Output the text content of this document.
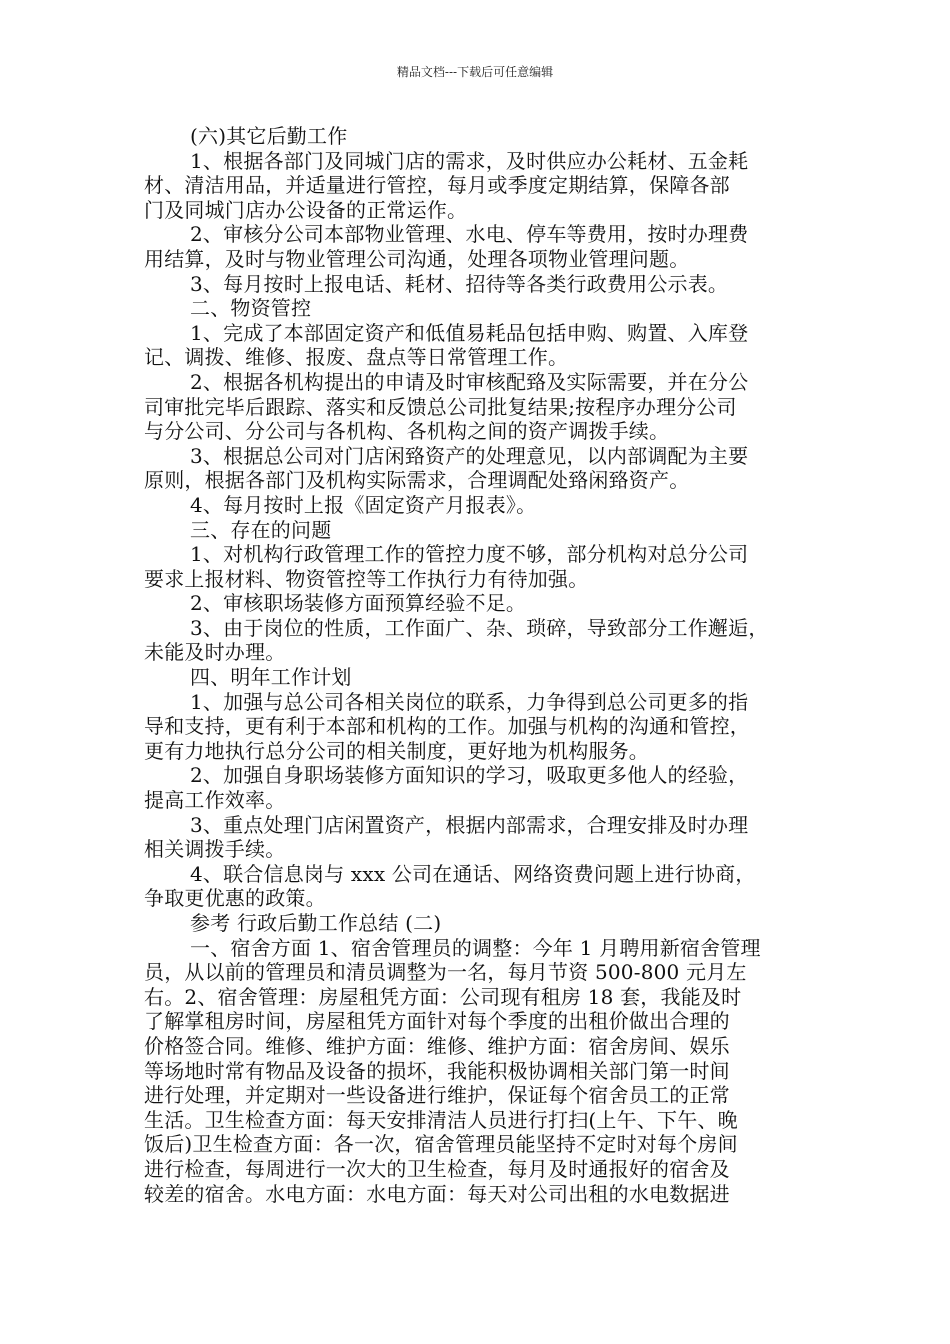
精品文档---下载后可任意编辑
(六)其它后勤工作
1、根据各部门及同城门店的需求，及时供应办公耗材、五金耗
材、清洁用品，并适量进行管控，每月或季度定期结算，保障各部
门及同城门店办公设备的正常运作。
2、审核分公司本部物业管理、水电、停车等费用，按时办理费
用结算，及时与物业管理公司沟通，处理各项物业管理问题。
3、每月按时上报电话、耗材、招待等各类行政费用公示表。
二、物资管控
1、完成了本部固定资产和低值易耗品包括申购、购置、入库登
记、调拨、维修、报废、盘点等日常管理工作。
2、根据各机构提出的申请及时审核配臵及实际需要，并在分公
司审批完毕后跟踪、落实和反馈总公司批复结果;按程序办理分公司
与分公司、分公司与各机构、各机构之间的资产调拨手续。
3、根据总公司对门店闲臵资产的处理意见，以内部调配为主要
原则，根据各部门及机构实际需求，合理调配处臵闲臵资产。
4、每月按时上报《固定资产月报表》。
三、存在的问题
1、对机构行政管理工作的管控力度不够，部分机构对总分公司
要求上报材料、物资管控等工作执行力有待加强。
2、审核职场装修方面预算经验不足。
3、由于岗位的性质，工作面广、杂、琐碎，导致部分工作邂逅，
未能及时办理。
四、明年工作计划
1、加强与总公司各相关岗位的联系，力争得到总公司更多的指
导和支持，更有利于本部和机构的工作。加强与机构的沟通和管控，
更有力地执行总分公司的相关制度，更好地为机构服务。
2、加强自身职场装修方面知识的学习，吸取更多他人的经验，
提高工作效率。
3、重点处理门店闲置资产，根据内部需求，合理安排及时办理
相关调拨手续。
4、联合信息岗与 xxx 公司在通话、网络资费问题上进行协商，
争取更优惠的政策。
参考 行政后勤工作总结 (二)
一、宿舍方面 1、宿舍管理员的调整：今年 1 月聘用新宿舍管理
员，从以前的管理员和清员调整为一名，每月节资 500-800 元月左
右。2、宿舍管理：房屋租凭方面：公司现有租房 18 套，我能及时
了解掌租房时间，房屋租凭方面针对每个季度的出租价做出合理的
价格签合同。维修、维护方面：维修、维护方面：宿舍房间、娱乐
等场地时常有物品及设备的损坏，我能积极协调相关部门第一时间
进行处理，并定期对一些设备进行维护，保证每个宿舍员工的正常
生活。卫生检查方面：每天安排清洁人员进行打扫(上午、下午、晚
饭后)卫生检查方面：各一次，宿舍管理员能坚持不定时对每个房间
进行检查，每周进行一次大的卫生检查，每月及时通报好的宿舍及
较差的宿舍。水电方面：水电方面：每天对公司出租的水电数据进
